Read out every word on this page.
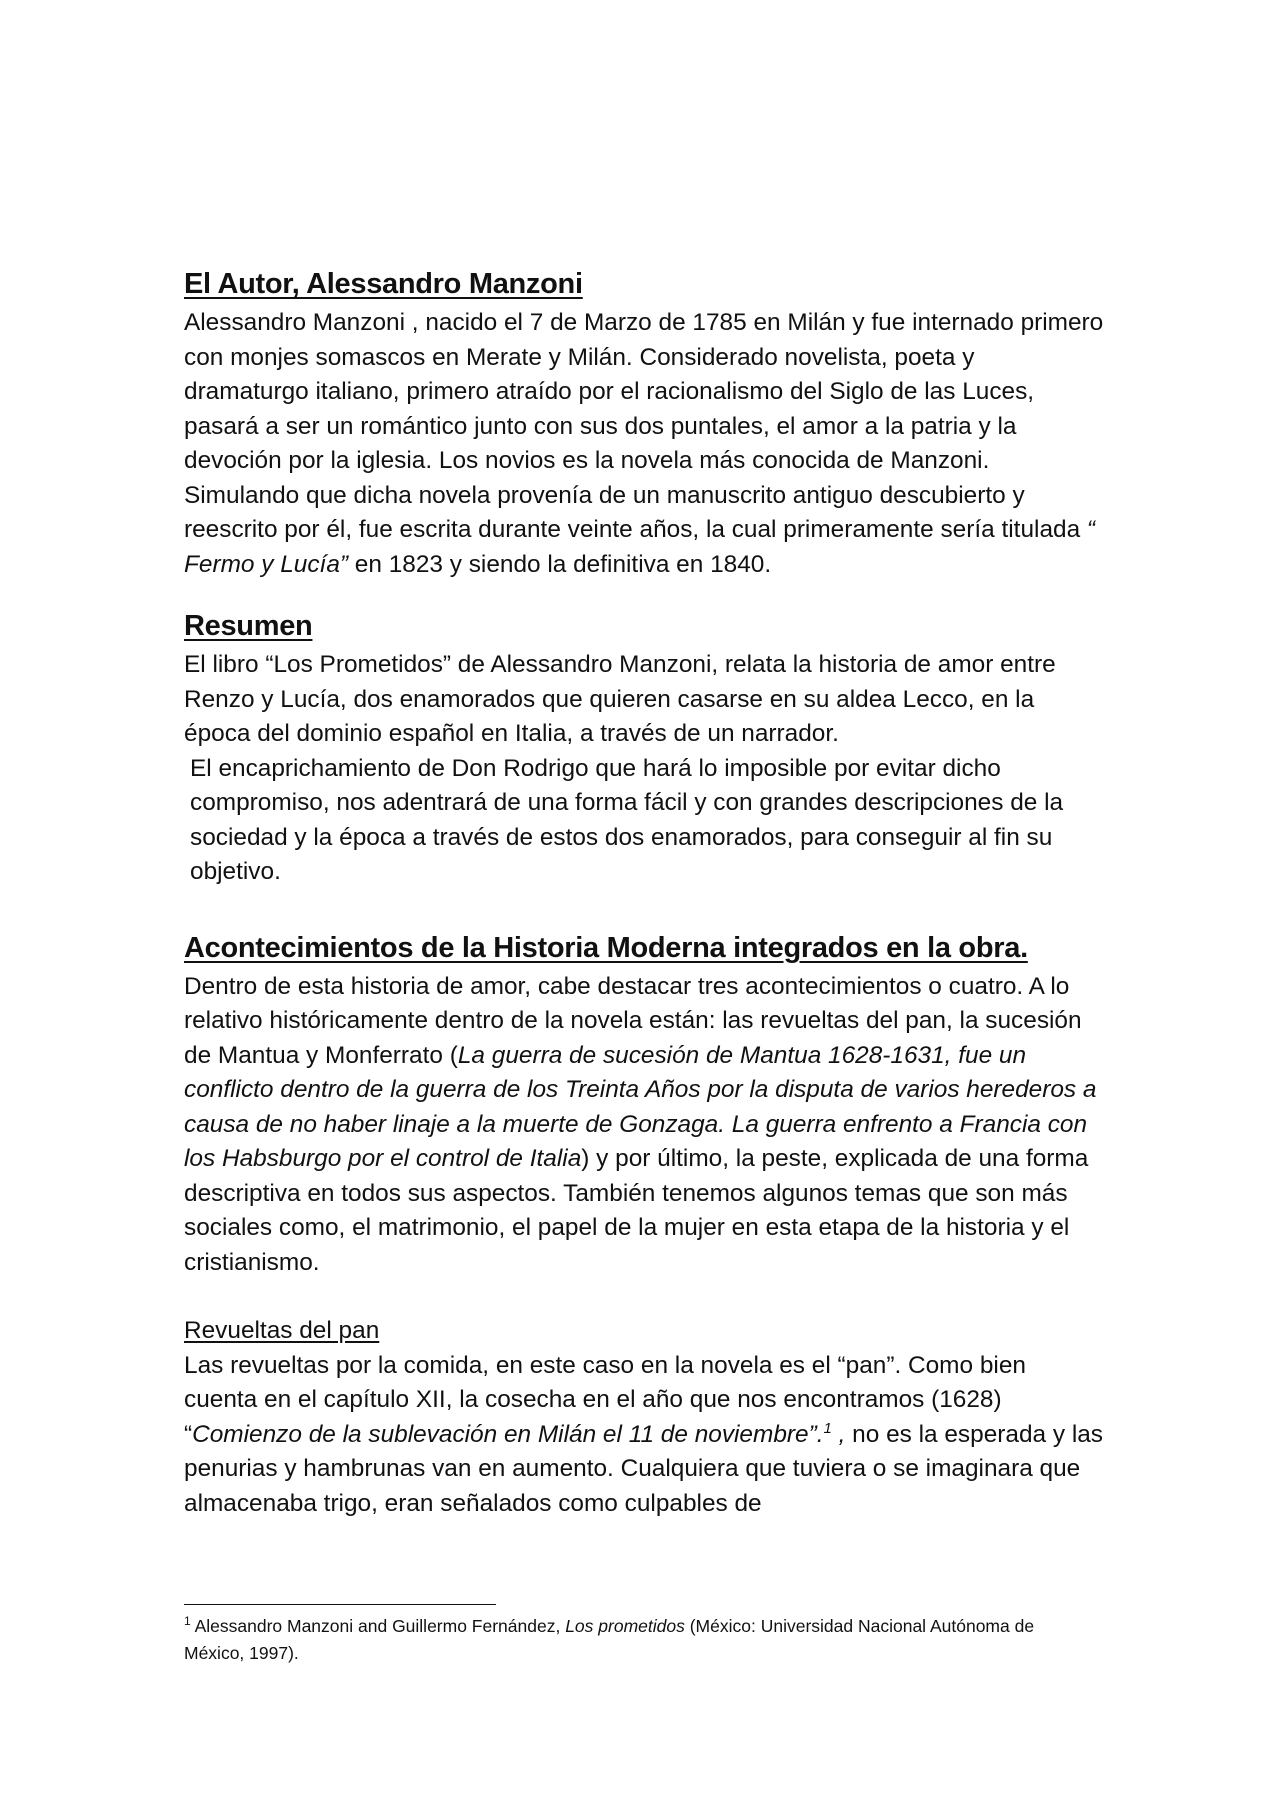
El Autor, Alessandro Manzoni

Alessandro Manzoni , nacido el 7 de Marzo de 1785 en Milán y fue internado primero con monjes somascos en Merate y Milán. Considerado novelista, poeta y dramaturgo italiano, primero atraído por el racionalismo del Siglo de las Luces, pasará a ser un romántico junto con sus dos puntales, el amor a la patria y la devoción por la iglesia. Los novios es la novela más conocida de Manzoni. Simulando que dicha novela provenía de un manuscrito antiguo descubierto y reescrito por él, fue escrita durante veinte años, la cual primeramente sería titulada “ Fermo y Lucía” en 1823 y siendo la definitiva en 1840.

Resumen

El libro “Los Prometidos” de Alessandro Manzoni, relata la historia de amor entre Renzo y Lucía, dos enamorados que quieren casarse en su aldea Lecco, en la época del dominio español en Italia, a través de un narrador.

El encaprichamiento de Don Rodrigo que hará lo imposible por evitar dicho compromiso, nos adentrará de una forma fácil y con grandes descripciones de la sociedad y la época a través de estos dos enamorados, para conseguir al fin su objetivo.

Acontecimientos de la Historia Moderna integrados en la obra.

Dentro de esta historia de amor, cabe destacar tres acontecimientos o cuatro. A lo relativo históricamente dentro de la novela están: las revueltas del pan, la sucesión de Mantua y Monferrato (La guerra de sucesión de Mantua 1628-1631, fue un conflicto dentro de la guerra de los Treinta Años por la disputa de varios herederos a causa de no haber linaje a la muerte de Gonzaga. La guerra enfrento a Francia con los Habsburgo por el control de Italia) y por último, la peste, explicada de una forma descriptiva en todos sus aspectos. También tenemos algunos temas que son más sociales como, el matrimonio, el papel de la mujer en esta etapa de la historia y el cristianismo.

Revueltas del pan

Las revueltas por la comida, en este caso en la novela es el “pan”. Como bien cuenta en el capítulo XII, la cosecha en el año que nos encontramos (1628) “Comienzo de la sublevación en Milán el 11 de noviembre”.$^1$ , no es la esperada y las penurias y hambrunas van en aumento. Cualquiera que tuviera o se imaginara que almacenaba trigo, eran señalados como culpables de

$^1$ Alessandro Manzoni and Guillermo Fernández, Los prometidos (México: Universidad Nacional Autónoma de México, 1997).
